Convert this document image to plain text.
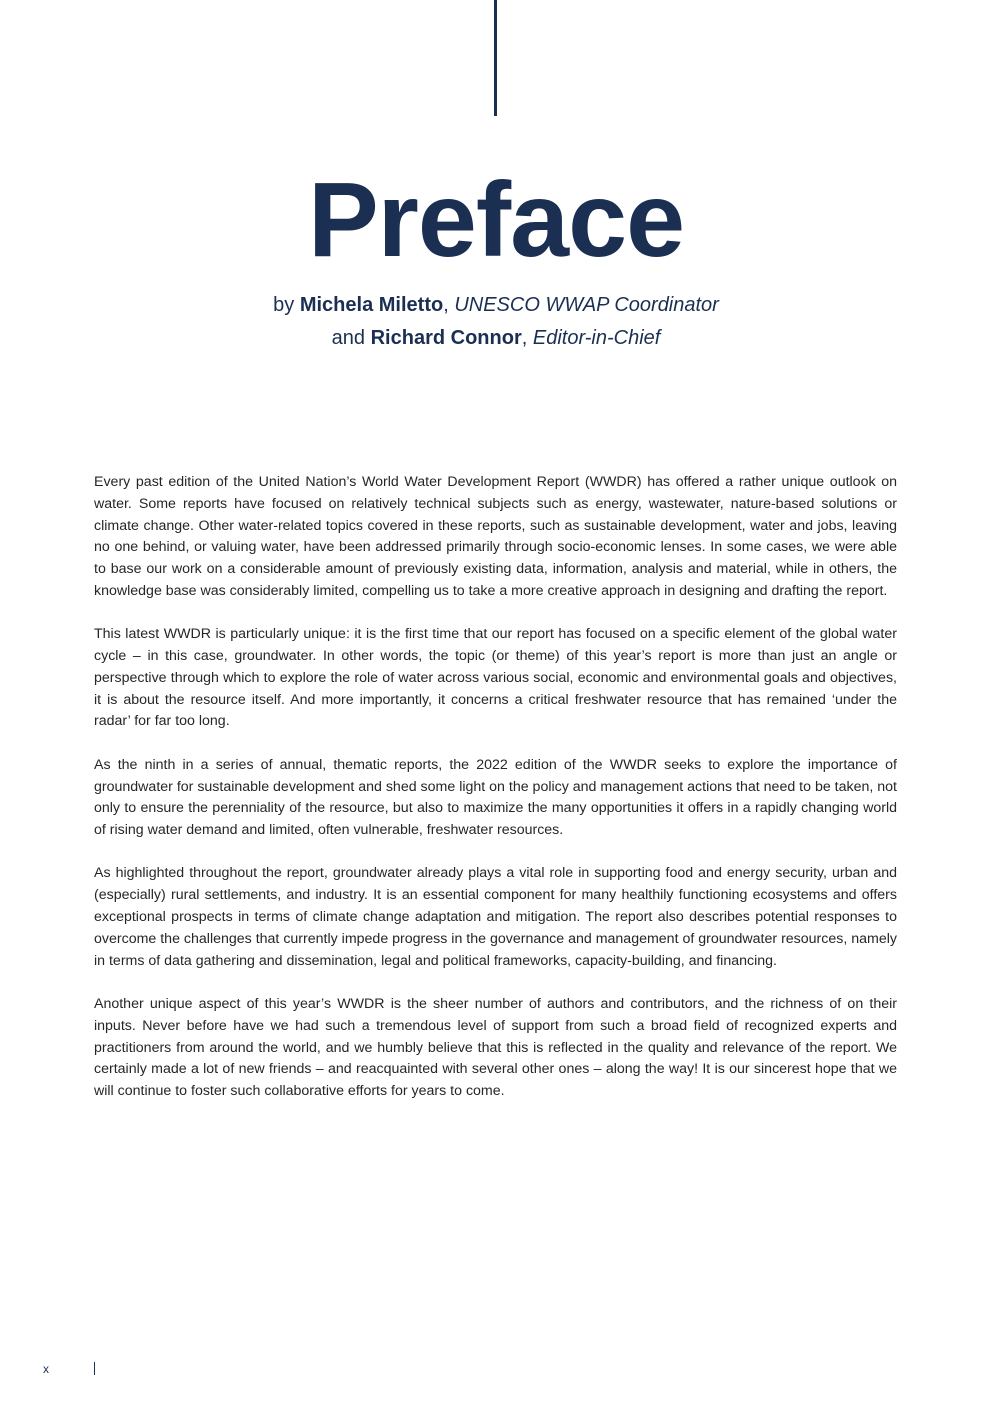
Preface
by Michela Miletto, UNESCO WWAP Coordinator
and Richard Connor, Editor-in-Chief

Every past edition of the United Nation’s World Water Development Report (WWDR) has offered a rather unique outlook on water. Some reports have focused on relatively technical subjects such as energy, wastewater, nature-based solutions or climate change. Other water-related topics covered in these reports, such as sustainable development, water and jobs, leaving no one behind, or valuing water, have been addressed primarily through socio-economic lenses. In some cases, we were able to base our work on a considerable amount of previously existing data, information, analysis and material, while in others, the knowledge base was considerably limited, compelling us to take a more creative approach in designing and drafting the report.

This latest WWDR is particularly unique: it is the first time that our report has focused on a specific element of the global water cycle – in this case, groundwater. In other words, the topic (or theme) of this year’s report is more than just an angle or perspective through which to explore the role of water across various social, economic and environmental goals and objectives, it is about the resource itself. And more importantly, it concerns a critical freshwater resource that has remained ‘under the radar’ for far too long.

As the ninth in a series of annual, thematic reports, the 2022 edition of the WWDR seeks to explore the importance of groundwater for sustainable development and shed some light on the policy and management actions that need to be taken, not only to ensure the perenniality of the resource, but also to maximize the many opportunities it offers in a rapidly changing world of rising water demand and limited, often vulnerable, freshwater resources.

As highlighted throughout the report, groundwater already plays a vital role in supporting food and energy security, urban and (especially) rural settlements, and industry. It is an essential component for many healthily functioning ecosystems and offers exceptional prospects in terms of climate change adaptation and mitigation. The report also describes potential responses to overcome the challenges that currently impede progress in the governance and management of groundwater resources, namely in terms of data gathering and dissemination, legal and political frameworks, capacity-building, and financing.

Another unique aspect of this year’s WWDR is the sheer number of authors and contributors, and the richness of on their inputs. Never before have we had such a tremendous level of support from such a broad field of recognized experts and practitioners from around the world, and we humbly believe that this is reflected in the quality and relevance of the report. We certainly made a lot of new friends – and reacquainted with several other ones – along the way! It is our sincerest hope that we will continue to foster such collaborative efforts for years to come.

x
